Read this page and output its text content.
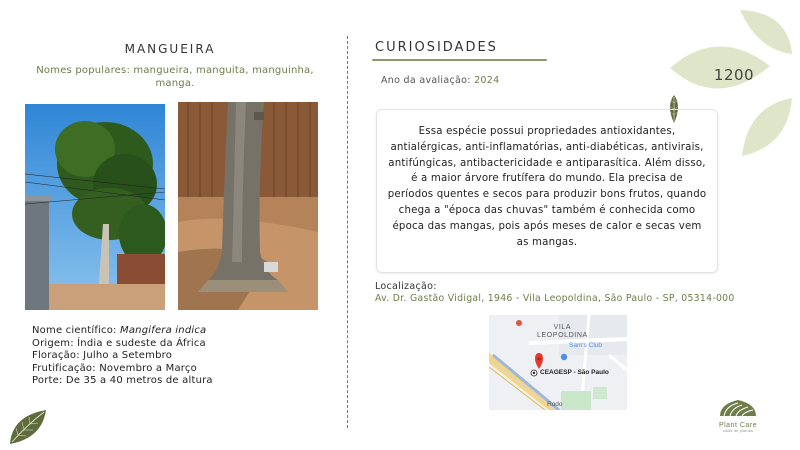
MANGUEIRA
Nomes populares: mangueira, manguita, manguinha, manga.
Nome científico: Mangifera indica
Origem: Índia e sudeste da África
Floração: Julho a Setembro
Frutificação: Novembro a Março
Porte: De 35 a 40 metros de altura
CURIOSIDADES
Ano da avaliação: 2024	1200

Essa espécie possui propriedades antioxidantes, antialérgicas, anti-inflamatórias, anti-diabéticas, antivirais, antifúngicas, antibactericidade e antiparasítica. Além disso, é a maior árvore frutífera do mundo. Ela precisa de períodos quentes e secos para produzir bons frutos, quando chega a "época das chuvas" também é conhecida como época das mangas, pois após meses de calor e secas vem as mangas.

Localização:
Av. Dr. Gastão Vidigal, 1946 - Vila Leopoldina, São Paulo - SP, 05314-000
VILA
LEOPOLDINA
Sam's Club
CEAGESP - São Paulo
Rodo
Plant Care
cuide de plantas
